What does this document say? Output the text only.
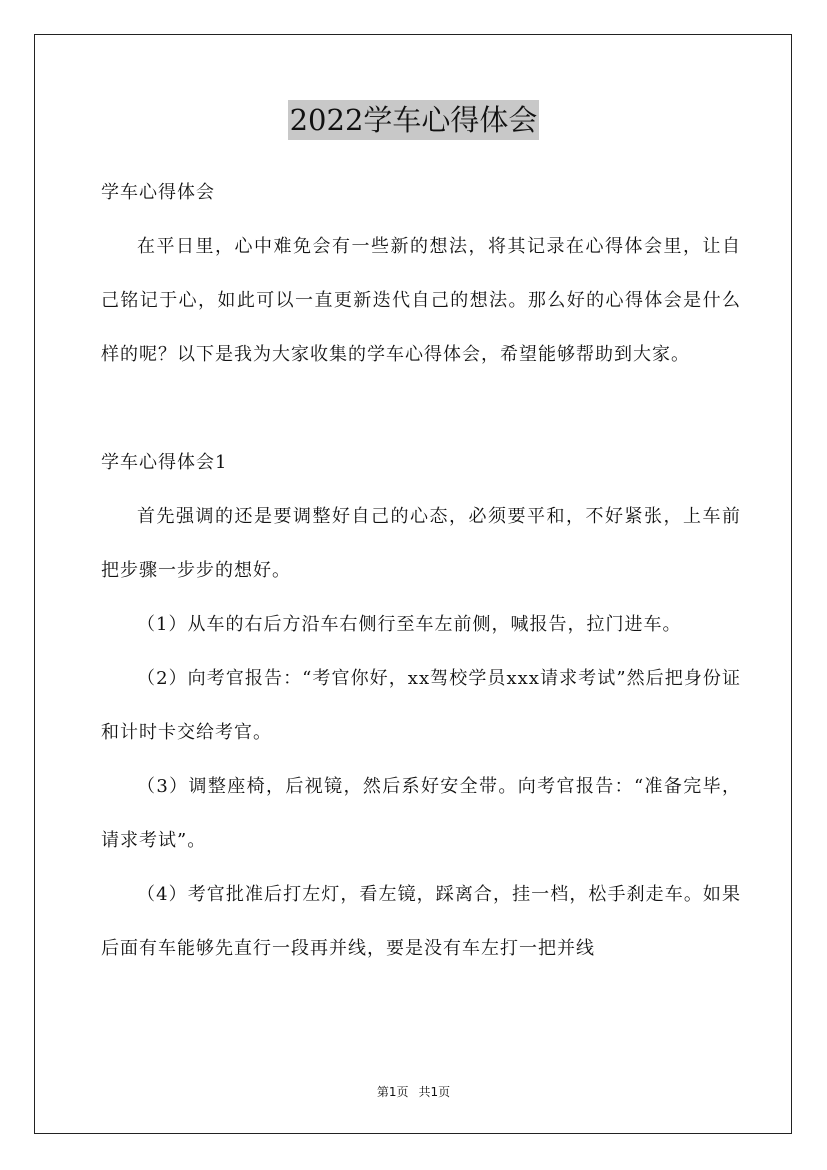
2022学车心得体会
学车心得体会

在平日里，心中难免会有一些新的想法，将其记录在心得体会里，让自己铭记于心，如此可以一直更新迭代自己的想法。那么好的心得体会是什么样的呢？以下是我为大家收集的学车心得体会，希望能够帮助到大家。

学车心得体会1

首先强调的还是要调整好自己的心态，必须要平和，不好紧张，上车前把步骤一步步的想好。

（1）从车的右后方沿车右侧行至车左前侧，喊报告，拉门进车。

（2）向考官报告：“考官你好，xx驾校学员xxx请求考试”然后把身份证和计时卡交给考官。

（3）调整座椅，后视镜，然后系好安全带。向考官报告：“准备完毕，请求考试”。

（4）考官批准后打左灯，看左镜，踩离合，挂一档，松手刹走车。如果后面有车能够先直行一段再并线，要是没有车左打一把并线

第1页 共1页
